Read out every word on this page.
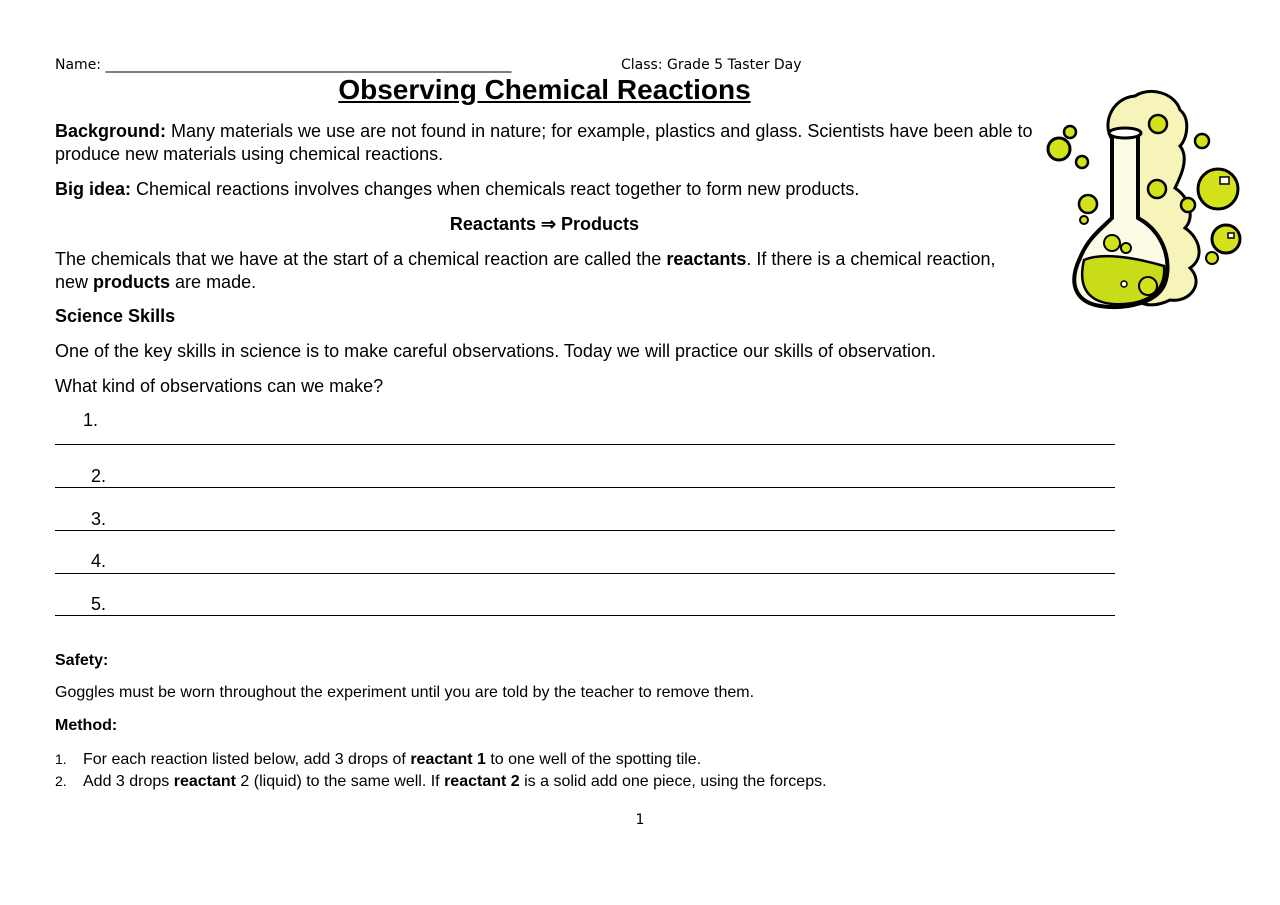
Name: __________________________________________________________	Class: Grade 5 Taster Day
Observing Chemical Reactions
Background: Many materials we use are not found in nature; for example, plastics and glass. Scientists have been able to produce new materials using chemical reactions.
Big idea: Chemical reactions involves changes when chemicals react together to form new products.
Reactants ⇒ Products
The chemicals that we have at the start of a chemical reaction are called the reactants. If there is a chemical reaction, new products are made.
Science Skills
One of the key skills in science is to make careful observations. Today we will practice our skills of observation.
What kind of observations can we make?
1.
2.
3.
4.
5.
Safety:
Goggles must be worn throughout the experiment until you are told by the teacher to remove them.
Method:
1. For each reaction listed below, add 3 drops of reactant 1 to one well of the spotting tile.
2. Add 3 drops reactant 2 (liquid) to the same well. If reactant 2 is a solid add one piece, using the forceps.
1
